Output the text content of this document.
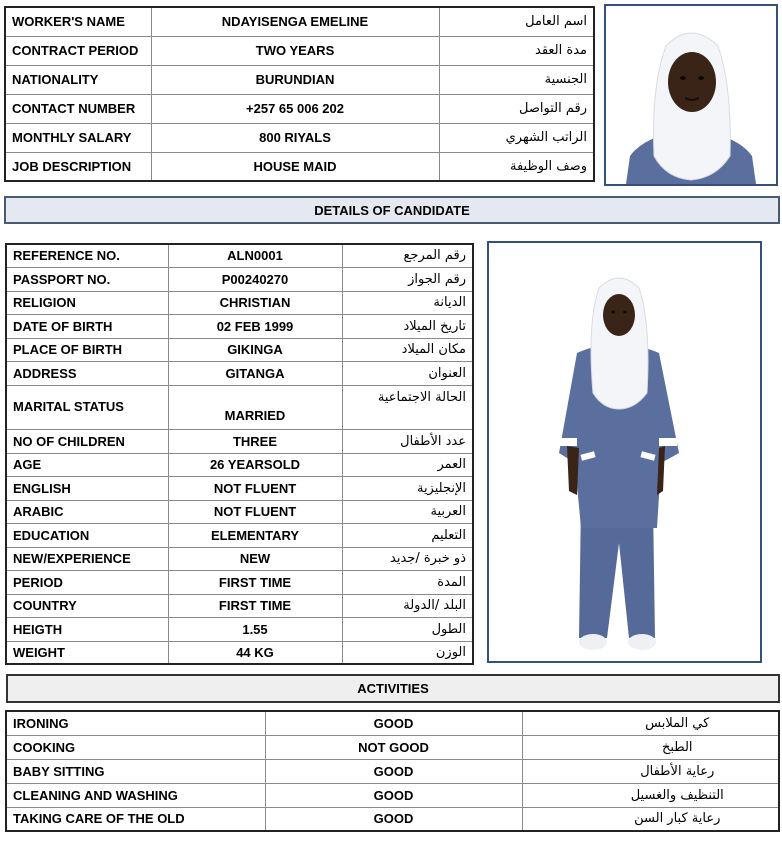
WORKER'S NAME	NDAYISENGA EMELINE	اسم العامل
CONTRACT PERIOD	TWO YEARS	مدة العقد
NATIONALITY	BURUNDIAN	الجنسية
CONTACT NUMBER	+257 65 006 202	رقم التواصل
MONTHLY SALARY	800 RIYALS	الراتب الشهري
JOB DESCRIPTION	HOUSE MAID	وصف الوظيفة
DETAILS OF CANDIDATE
REFERENCE NO.	ALN0001	رقم المرجع
PASSPORT NO.	P00240270	رقم الجواز
RELIGION	CHRISTIAN	الديانة
DATE OF BIRTH	02 FEB 1999	تاريخ الميلاد
PLACE OF BIRTH	GIKINGA	مكان الميلاد
ADDRESS	GITANGA	العنوان
MARITAL STATUS	MARRIED	الحالة الاجتماعية
NO OF CHILDREN	THREE	عدد الأطفال
AGE	26 YEARSOLD	العمر
ENGLISH	NOT FLUENT	الإنجليزية
ARABIC	NOT FLUENT	العربية
EDUCATION	ELEMENTARY	التعليم
NEW/EXPERIENCE	NEW	ذو خبرة /جديد
PERIOD	FIRST TIME	المدة
COUNTRY	FIRST TIME	البلد /الدولة
HEIGTH	1.55	الطول
WEIGHT	44 KG	الوزن
ACTIVITIES
IRONING	GOOD	كي الملابس
COOKING	NOT GOOD	الطبخ
BABY SITTING	GOOD	رعاية الأطفال
CLEANING AND WASHING	GOOD	التنظيف والغسيل
TAKING CARE OF THE OLD	GOOD	رعاية كبار السن
